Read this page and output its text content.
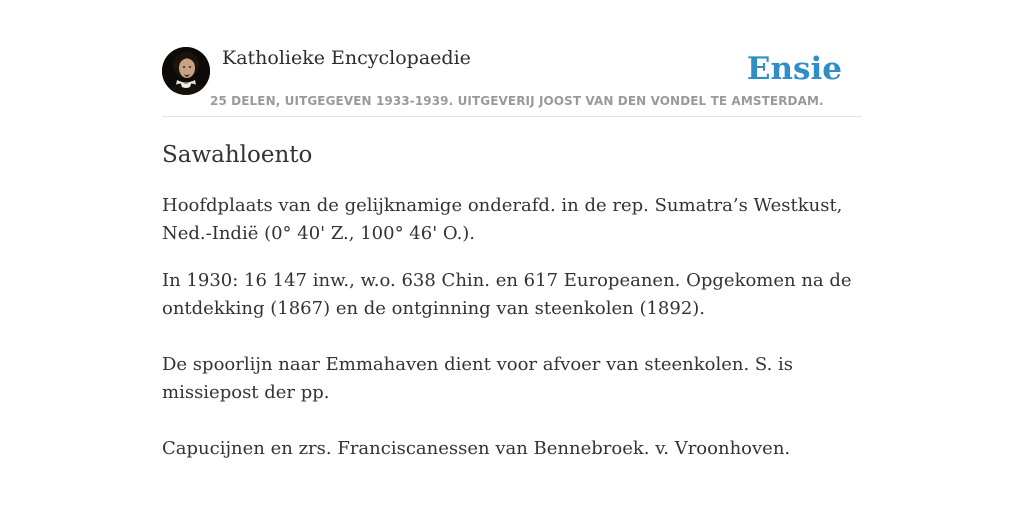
Katholieke Encyclopaedie
25 DELEN, UITGEGEVEN 1933-1939. UITGEVERIJ JOOST VAN DEN VONDEL TE AMSTERDAM.
Ensie
Sawahloento

Hoofdplaats van de gelijknamige onderafd. in de rep. Sumatra’s Westkust, Ned.-Indië (0° 40' Z., 100° 46' O.).

In 1930: 16 147 inw., w.o. 638 Chin. en 617 Europeanen. Opgekomen na de ontdekking (1867) en de ontginning van steenkolen (1892).

De spoorlijn naar Emmahaven dient voor afvoer van steenkolen. S. is missiepost der pp.

Capucijnen en zrs. Franciscanessen van Bennebroek. v. Vroonhoven.
